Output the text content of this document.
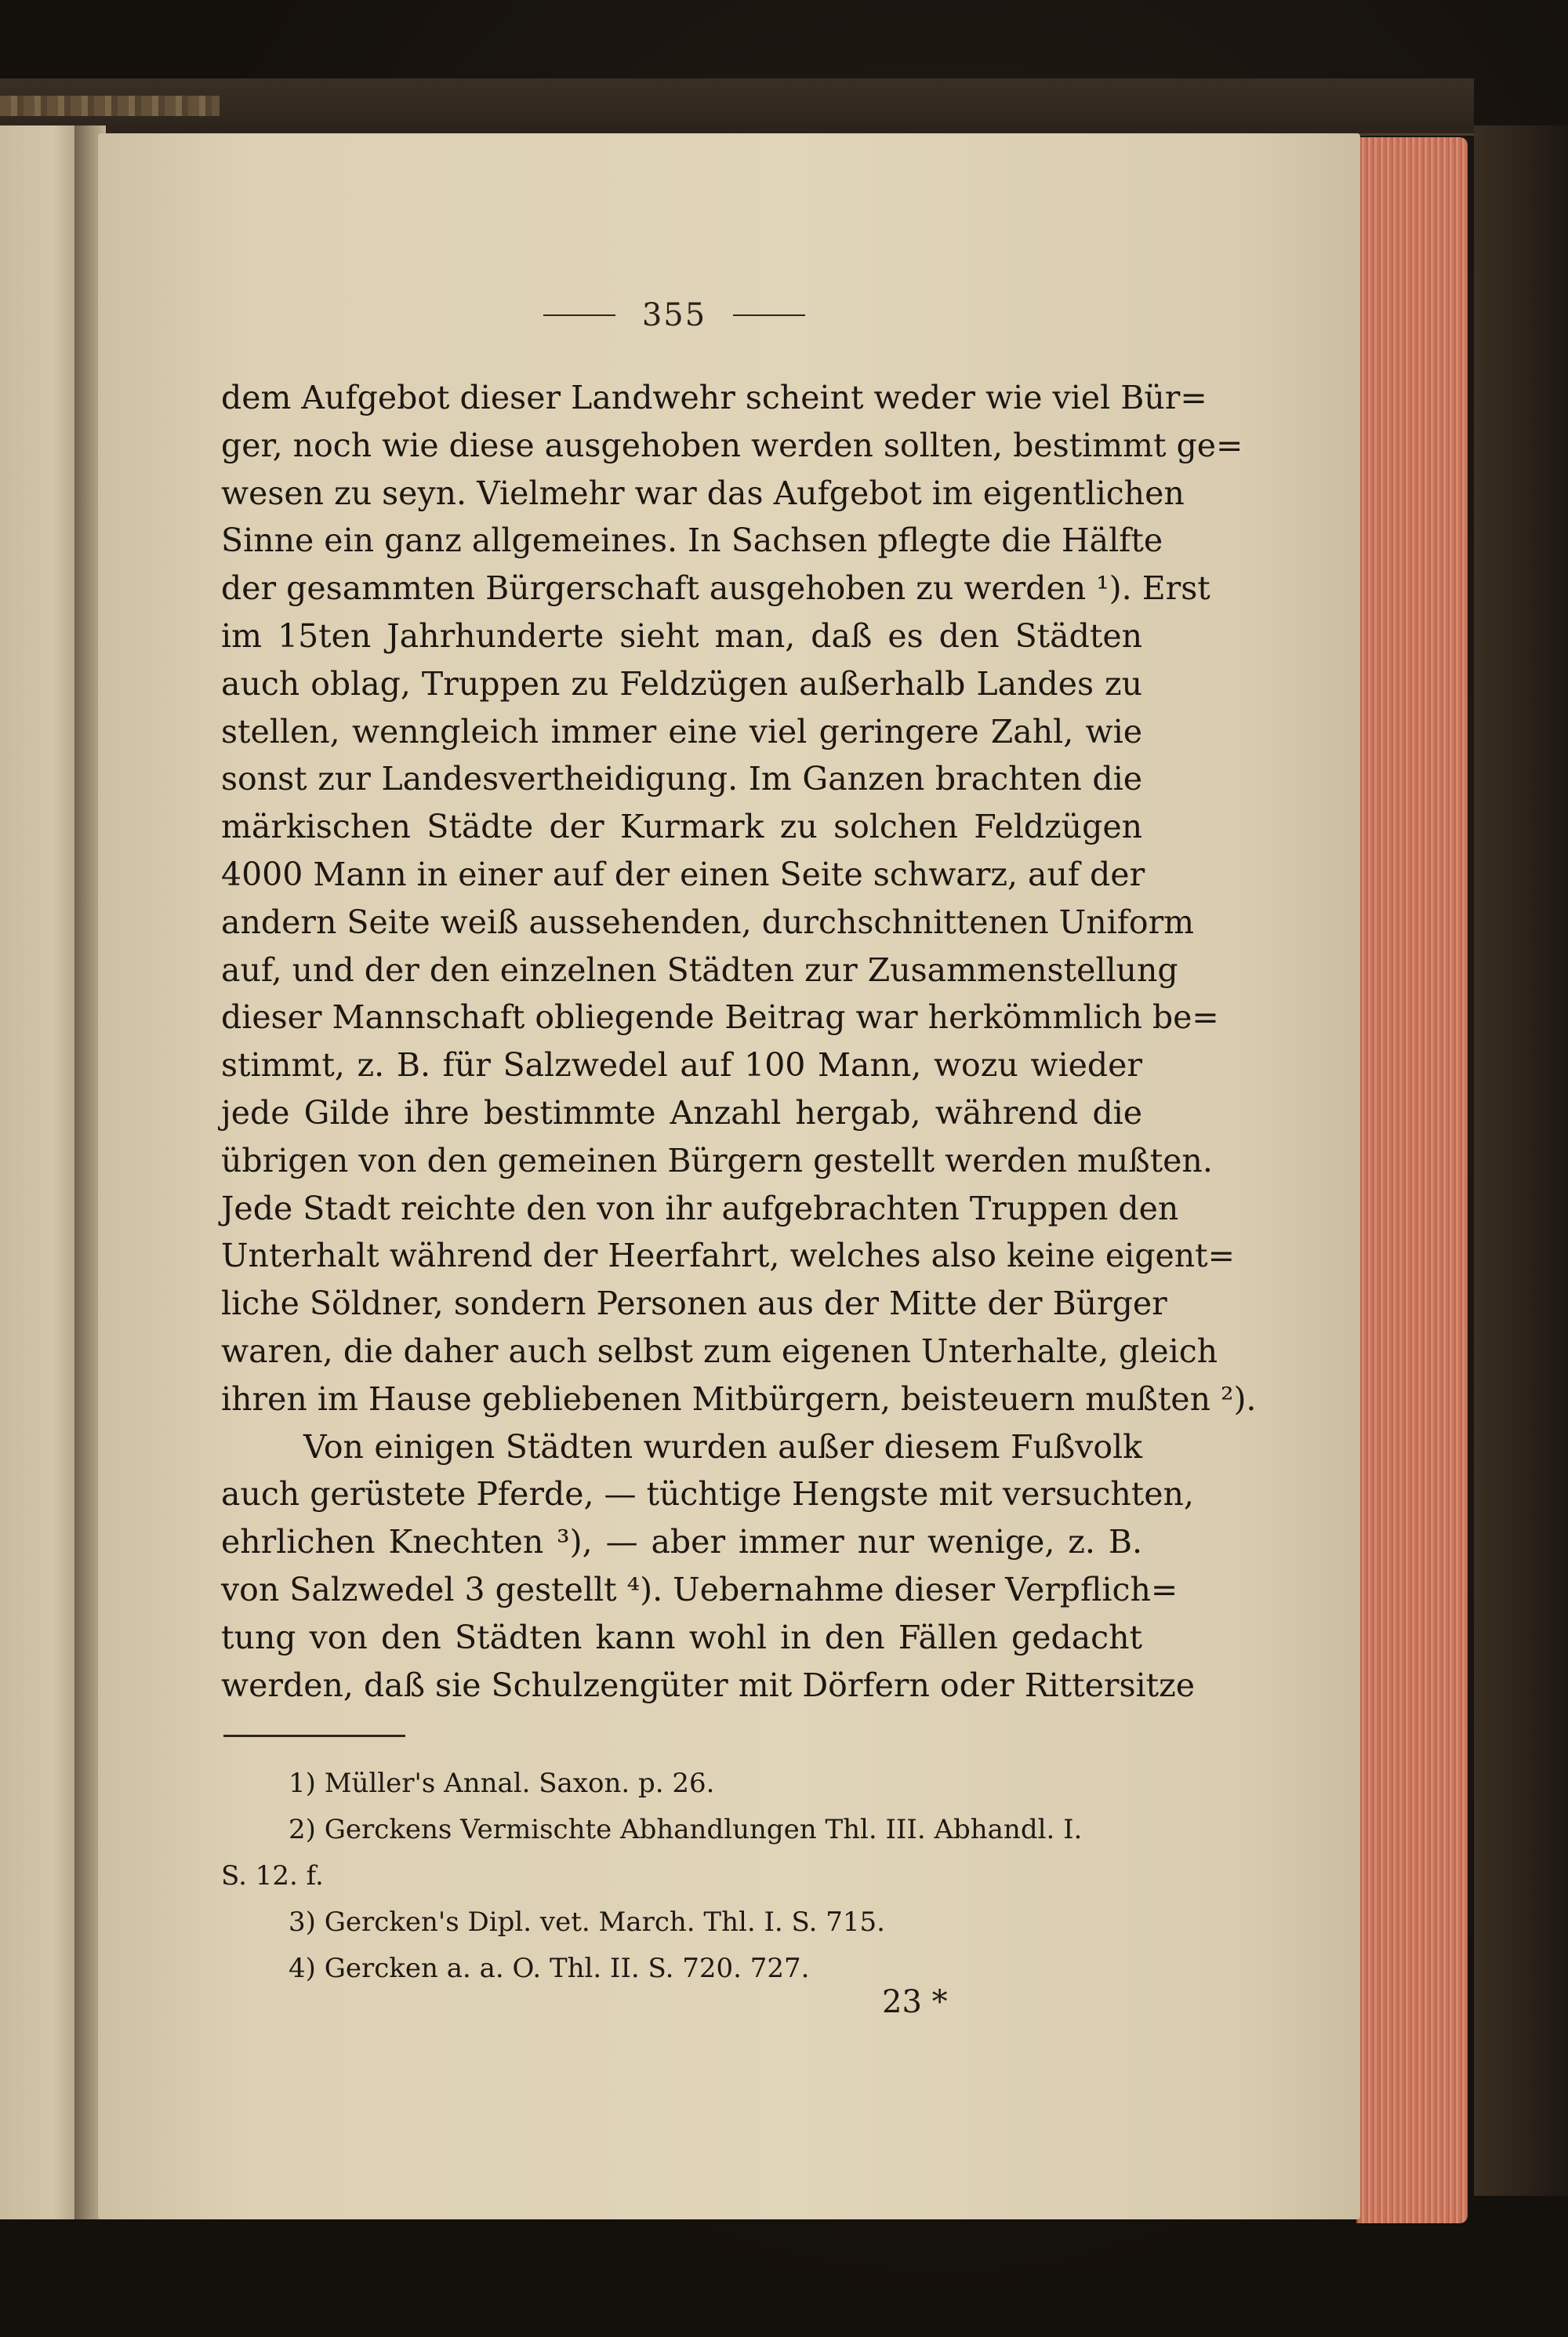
355
dem Aufgebot dieser Landwehr scheint weder wie viel Bür=
ger, noch wie diese ausgehoben werden sollten, bestimmt ge=
wesen zu seyn. Vielmehr war das Aufgebot im eigentlichen
Sinne ein ganz allgemeines. In Sachsen pflegte die Hälfte
der gesammten Bürgerschaft ausgehoben zu werden ¹). Erst
im 15ten Jahrhunderte sieht man, daß es den Städten
auch oblag, Truppen zu Feldzügen außerhalb Landes zu
stellen, wenngleich immer eine viel geringere Zahl, wie
sonst zur Landesvertheidigung. Im Ganzen brachten die
märkischen Städte der Kurmark zu solchen Feldzügen
4000 Mann in einer auf der einen Seite schwarz, auf der
andern Seite weiß aussehenden, durchschnittenen Uniform
auf, und der den einzelnen Städten zur Zusammenstellung
dieser Mannschaft obliegende Beitrag war herkömmlich be=
stimmt, z. B. für Salzwedel auf 100 Mann, wozu wieder
jede Gilde ihre bestimmte Anzahl hergab, während die
übrigen von den gemeinen Bürgern gestellt werden mußten.
Jede Stadt reichte den von ihr aufgebrachten Truppen den
Unterhalt während der Heerfahrt, welches also keine eigent=
liche Söldner, sondern Personen aus der Mitte der Bürger
waren, die daher auch selbst zum eigenen Unterhalte, gleich
ihren im Hause gebliebenen Mitbürgern, beisteuern mußten ²).
Von einigen Städten wurden außer diesem Fußvolk
auch gerüstete Pferde, — tüchtige Hengste mit versuchten,
ehrlichen Knechten ³), — aber immer nur wenige, z. B.
von Salzwedel 3 gestellt ⁴). Uebernahme dieser Verpflich=
tung von den Städten kann wohl in den Fällen gedacht
werden, daß sie Schulzengüter mit Dörfern oder Rittersitze
1) Müller's Annal. Saxon. p. 26.
2) Gerckens Vermischte Abhandlungen Thl. III. Abhandl. I.
S. 12. f.
3) Gercken's Dipl. vet. March. Thl. I. S. 715.
4) Gercken a. a. O. Thl. II. S. 720. 727.
23 *
